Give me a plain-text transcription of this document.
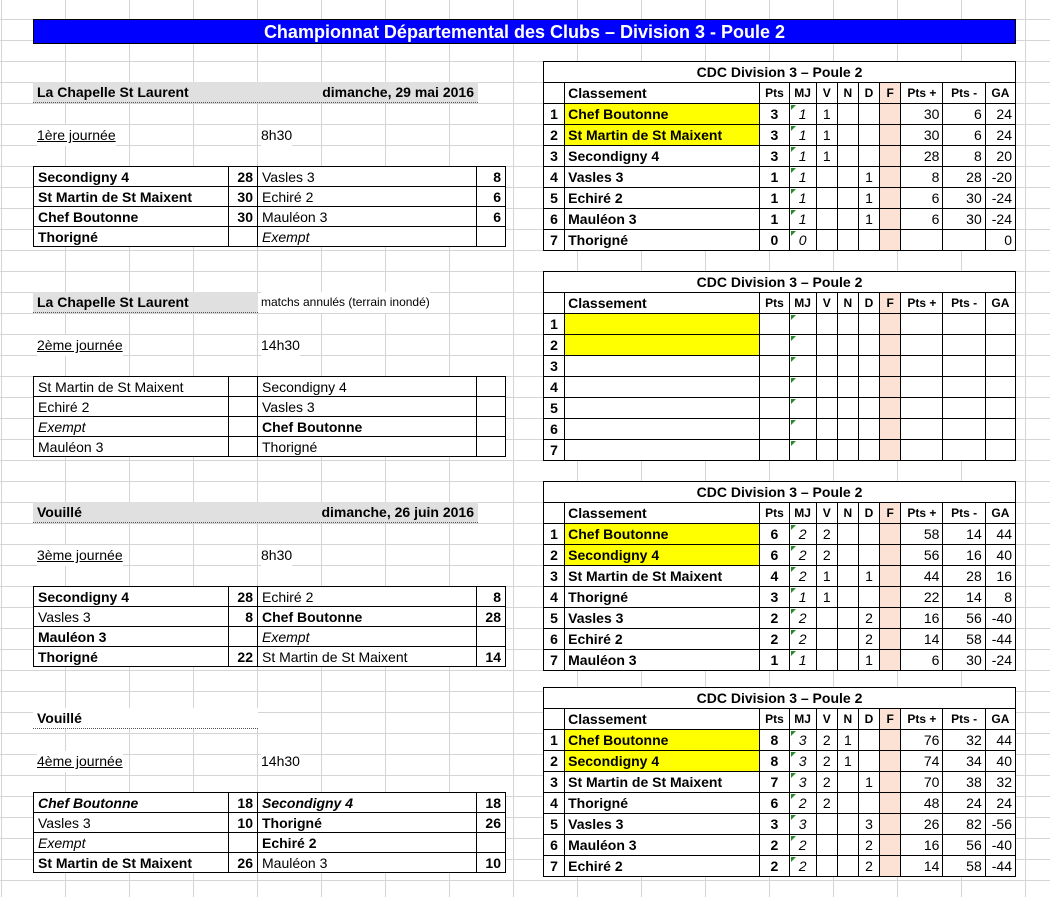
Championnat Départemental des Clubs – Division 3 - Poule 2
La Chapelle St Laurent	dimanche, 29 mai 2016
1ère journée	8h30
Secondigny 4	28	Vasles 3	8
St Martin de St Maixent	30	Echiré 2	6
Chef Boutonne	30	Mauléon 3	6
Thorigné		Exempt	
La Chapelle St Laurent	matchs annulés (terrain inondé)
2ème journée	14h30
St Martin de St Maixent		Secondigny 4	
Echiré 2		Vasles 3	
Exempt		Chef Boutonne	
Mauléon 3		Thorigné	
Vouillé	dimanche, 26 juin 2016
3ème journée	8h30
Secondigny 4	28	Echiré 2	8
Vasles 3	8	Chef Boutonne	28
Mauléon 3		Exempt	
Thorigné	22	St Martin de St Maixent	14
Vouillé
4ème journée	14h30
Chef Boutonne	18	Secondigny 4	18
Vasles 3	10	Thorigné	26
Exempt		Echiré 2	
St Martin de St Maixent	26	Mauléon 3	10
CDC Division 3 – Poule 2										
	Classement	Pts	MJ	V	N	D	F	Pts +	Pts -	GA
1	Chef Boutonne	3	1	1				30	6	24
2	St Martin de St Maixent	3	1	1				30	6	24
3	Secondigny 4	3	1	1				28	8	20
4	Vasles 3	1	1			1		8	28	-20
5	Echiré 2	1	1			1		6	30	-24
6	Mauléon 3	1	1			1		6	30	-24
7	Thorigné	0	0							0
CDC Division 3 – Poule 2										
	Classement	Pts	MJ	V	N	D	F	Pts +	Pts -	GA
1										
2										
3										
4										
5										
6										
7										
CDC Division 3 – Poule 2										
	Classement	Pts	MJ	V	N	D	F	Pts +	Pts -	GA
1	Chef Boutonne	6	2	2				58	14	44
2	Secondigny 4	6	2	2				56	16	40
3	St Martin de St Maixent	4	2	1		1		44	28	16
4	Thorigné	3	1	1				22	14	8
5	Vasles 3	2	2			2		16	56	-40
6	Echiré 2	2	2			2		14	58	-44
7	Mauléon 3	1	1			1		6	30	-24
CDC Division 3 – Poule 2										
	Classement	Pts	MJ	V	N	D	F	Pts +	Pts -	GA
1	Chef Boutonne	8	3	2	1			76	32	44
2	Secondigny 4	8	3	2	1			74	34	40
3	St Martin de St Maixent	7	3	2		1		70	38	32
4	Thorigné	6	2	2				48	24	24
5	Vasles 3	3	3			3		26	82	-56
6	Mauléon 3	2	2			2		16	56	-40
7	Echiré 2	2	2			2		14	58	-44
